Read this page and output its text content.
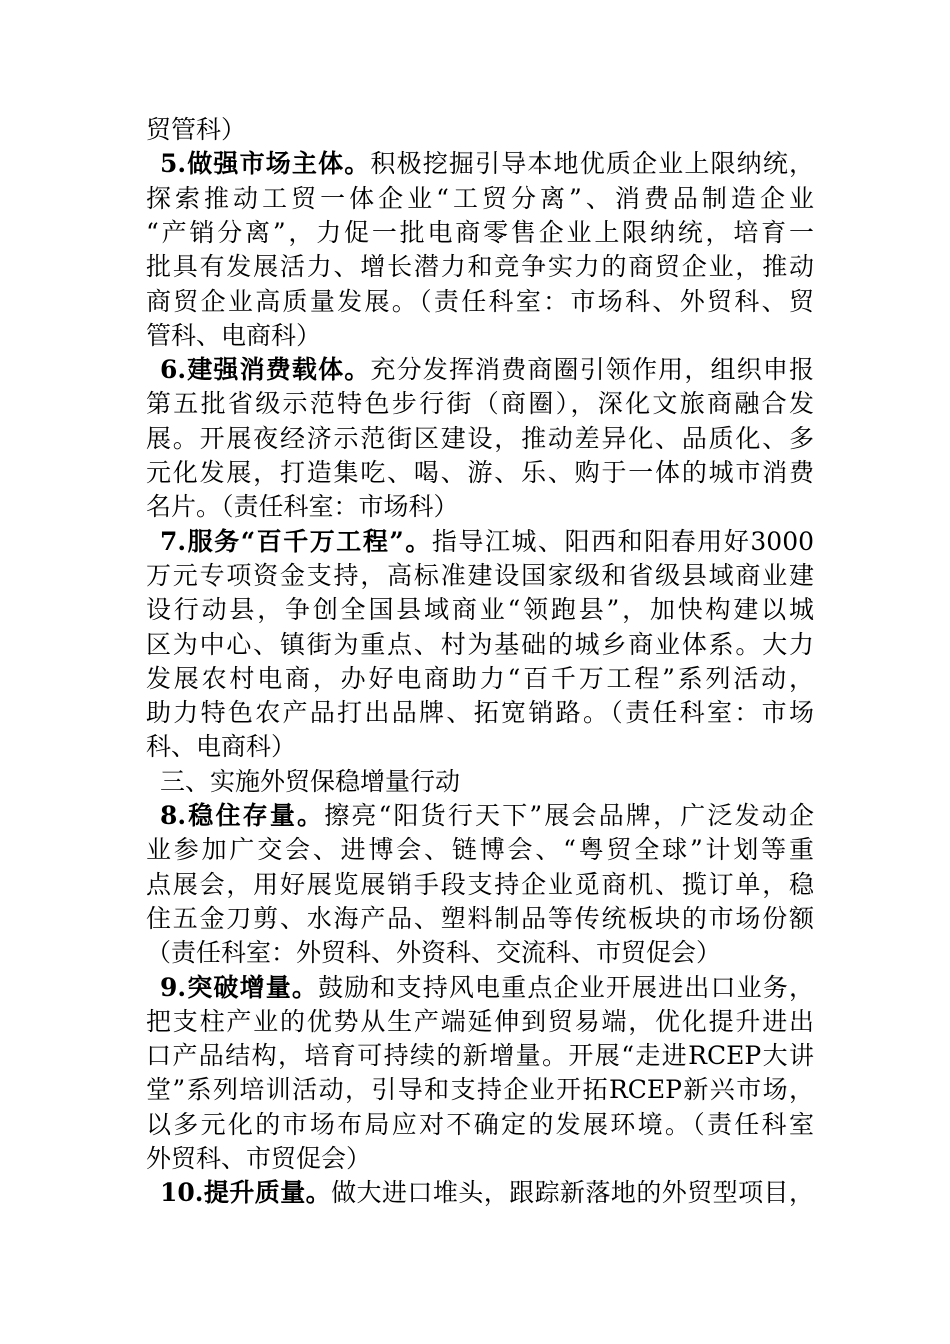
贸管科）
5.做强市场主体。积极挖掘引导本地优质企业上限纳统，
探索推动工贸一体企业“工贸分离”、消费品制造企业
“产销分离”，力促一批电商零售企业上限纳统，培育一
批具有发展活力、增长潜力和竞争实力的商贸企业，推动
商贸企业高质量发展。（责任科室：市场科、外贸科、贸
管科、电商科）
6.建强消费载体。充分发挥消费商圈引领作用，组织申报
第五批省级示范特色步行街（商圈），深化文旅商融合发
展。开展夜经济示范街区建设，推动差异化、品质化、多
元化发展，打造集吃、喝、游、乐、购于一体的城市消费
名片。（责任科室：市场科）
7.服务“百千万工程”。指导江城、阳西和阳春用好3000
万元专项资金支持，高标准建设国家级和省级县域商业建
设行动县，争创全国县域商业“领跑县”，加快构建以城
区为中心、镇街为重点、村为基础的城乡商业体系。大力
发展农村电商，办好电商助力“百千万工程”系列活动，
助力特色农产品打出品牌、拓宽销路。（责任科室：市场
科、电商科）
三、实施外贸保稳增量行动
8.稳住存量。擦亮“阳货行天下”展会品牌，广泛发动企
业参加广交会、进博会、链博会、“粤贸全球”计划等重
点展会，用好展览展销手段支持企业觅商机、揽订单，稳
住五金刀剪、水海产品、塑料制品等传统板块的市场份额
（责任科室：外贸科、外资科、交流科、市贸促会）
9.突破增量。鼓励和支持风电重点企业开展进出口业务，
把支柱产业的优势从生产端延伸到贸易端，优化提升进出
口产品结构，培育可持续的新增量。开展“走进RCEP大讲
堂”系列培训活动，引导和支持企业开拓RCEP新兴市场，
以多元化的市场布局应对不确定的发展环境。（责任科室
外贸科、市贸促会）
10.提升质量。做大进口堆头，跟踪新落地的外贸型项目，
